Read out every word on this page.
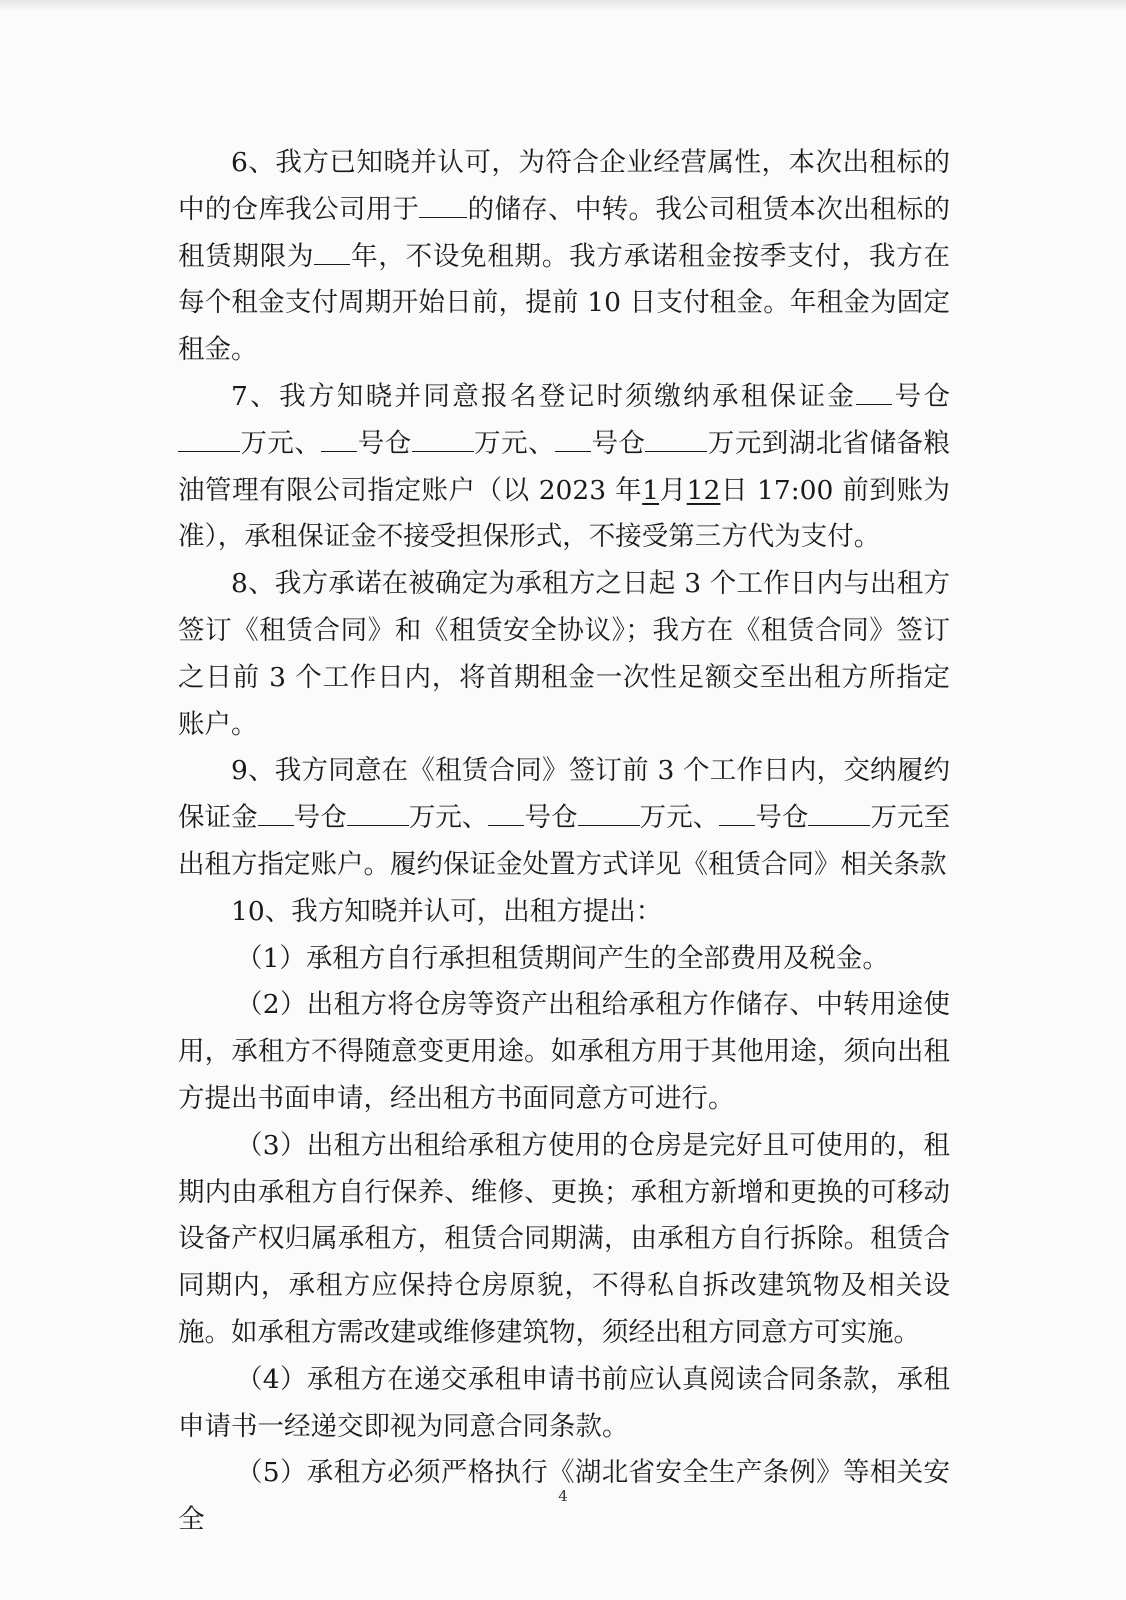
6、我方已知晓并认可，为符合企业经营属性，本次出租标的中的仓库我公司用于 的储存、中转。我公司租赁本次出租标的租赁期限为 年，不设免租期。我方承诺租金按季支付，我方在每个租金支付周期开始日前，提前 10 日支付租金。年租金为固定租金。

7、我方知晓并同意报名登记时须缴纳承租保证金 号仓万元、 号仓 万元、 号仓 万元到湖北省储备粮油管理有限公司指定账户（以 2023 年1月12日 17:00 前到账为准），承租保证金不接受担保形式，不接受第三方代为支付。

8、我方承诺在被确定为承租方之日起 3 个工作日内与出租方签订《租赁合同》和《租赁安全协议》；我方在《租赁合同》签订之日前 3 个工作日内，将首期租金一次性足额交至出租方所指定账户。

9、我方同意在《租赁合同》签订前 3 个工作日内，交纳履约保证金 号仓 万元、 号仓 万元、 号仓 万元至出租方指定账户。履约保证金处置方式详见《租赁合同》相关条款

10、我方知晓并认可，出租方提出：

（1）承租方自行承担租赁期间产生的全部费用及税金。

（2）出租方将仓房等资产出租给承租方作储存、中转用途使用，承租方不得随意变更用途。如承租方用于其他用途，须向出租方提出书面申请，经出租方书面同意方可进行。

（3）出租方出租给承租方使用的仓房是完好且可使用的，租期内由承租方自行保养、维修、更换；承租方新增和更换的可移动设备产权归属承租方，租赁合同期满，由承租方自行拆除。租赁合同期内，承租方应保持仓房原貌，不得私自拆改建筑物及相关设施。如承租方需改建或维修建筑物，须经出租方同意方可实施。

（4）承租方在递交承租申请书前应认真阅读合同条款，承租申请书一经递交即视为同意合同条款。

（5）承租方必须严格执行《湖北省安全生产条例》等相关安全

4
